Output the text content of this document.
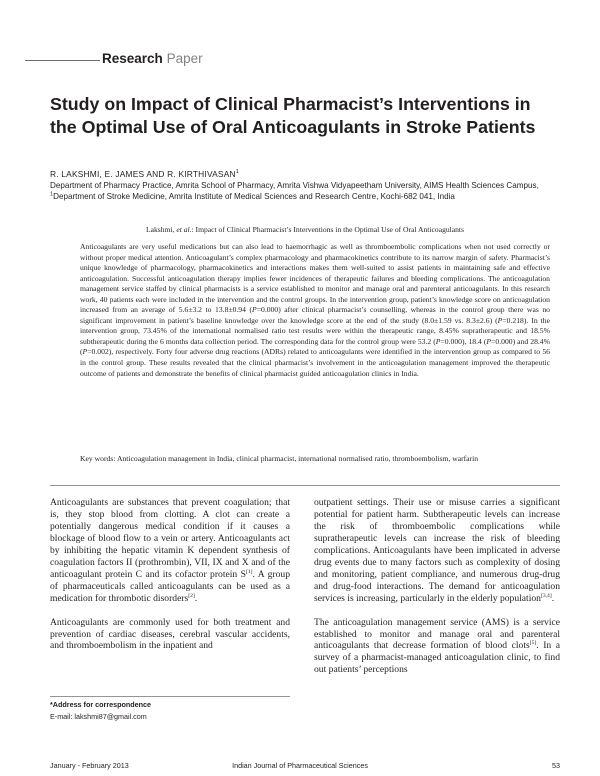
Research Paper
Study on Impact of Clinical Pharmacist’s Interventions in the Optimal Use of Oral Anticoagulants in Stroke Patients
R. LAKSHMI, E. JAMES AND R. KIRTHIVASAN$^1$
Department of Pharmacy Practice, Amrita School of Pharmacy, Amrita Vishwa Vidyapeetham University, AIMS Health Sciences Campus, $^1$Department of Stroke Medicine, Amrita Institute of Medical Sciences and Research Centre, Kochi-682 041, India
Lakshmi, et al.: Impact of Clinical Pharmacist’s Interventions in the Optimal Use of Oral Anticoagulants
Anticoagulants are very useful medications but can also lead to haemorrhagic as well as thromboembolic complications when not used correctly or without proper medical attention. Anticoagulant’s complex pharmacology and pharmacokinetics contribute to its narrow margin of safety. Pharmacist’s unique knowledge of pharmacology, pharmacokinetics and interactions makes them well-suited to assist patients in maintaining safe and effective anticoagulation. Successful anticoagulation therapy implies fewer incidences of therapeutic failures and bleeding complications. The anticoagulation management service staffed by clinical pharmacists is a service established to monitor and manage oral and parenteral anticoagulants. In this research work, 40 patients each were included in the intervention and the control groups. In the intervention group, patient’s knowledge score on anticoagulation increased from an average of 5.6±3.2 to 13.8±0.94 (P=0.000) after clinical pharmacist’s counselling, whereas in the control group there was no significant improvement in patient’s baseline knowledge over the knowledge score at the end of the study (8.0±1.59 vs. 8.3±2.6) (P=0.218). In the intervention group, 73.45% of the international normalised ratio test results were within the therapeutic range, 8.45% supratherapeutic and 18.5% subtherapeutic during the 6 months data collection period. The corresponding data for the control group were 53.2 (P=0.000), 18.4 (P=0.000) and 28.4% (P=0.002), respectively. Forty four adverse drug reactions (ADRs) related to anticoagulants were identified in the intervention group as compared to 56 in the control group. These results revealed that the clinical pharmacist’s involvement in the anticoagulation management improved the therapeutic outcome of patients and demonstrate the benefits of clinical pharmacist guided anticoagulation clinics in India.
Key words: Anticoagulation management in India, clinical pharmacist, international normalised ratio, thromboembolism, warfarin

Anticoagulants are substances that prevent coagulation; that is, they stop blood from clotting. A clot can create a potentially dangerous medical condition if it causes a blockage of blood flow to a vein or artery. Anticoagulants act by inhibiting the hepatic vitamin K dependent synthesis of coagulation factors II (prothrombin), VII, IX and X and of the anticoagulant protein C and its cofactor protein S[1]. A group of pharmaceuticals called anticoagulants can be used as a medication for thrombotic disorders[2].

Anticoagulants are commonly used for both treatment and prevention of cardiac diseases, cerebral vascular accidents, and thromboembolism in the inpatient and

outpatient settings. Their use or misuse carries a significant potential for patient harm. Subtherapeutic levels can increase the risk of thromboembolic complications while supratherapeutic levels can increase the risk of bleeding complications. Anticoagulants have been implicated in adverse drug events due to many factors such as complexity of dosing and monitoring, patient compliance, and numerous drug-drug and drug-food interactions. The demand for anticoagulation services is increasing, particularly in the elderly population[3,4].

The anticoagulation management service (AMS) is a service established to monitor and manage oral and parenteral anticoagulants that decrease formation of blood clots[5]. In a survey of a pharmacist-managed anticoagulation clinic, to find out patients’ perceptions

*Address for correspondence
E-mail: lakshmi87@gmail.com
January - February 2013	Indian Journal of Pharmaceutical Sciences	53
